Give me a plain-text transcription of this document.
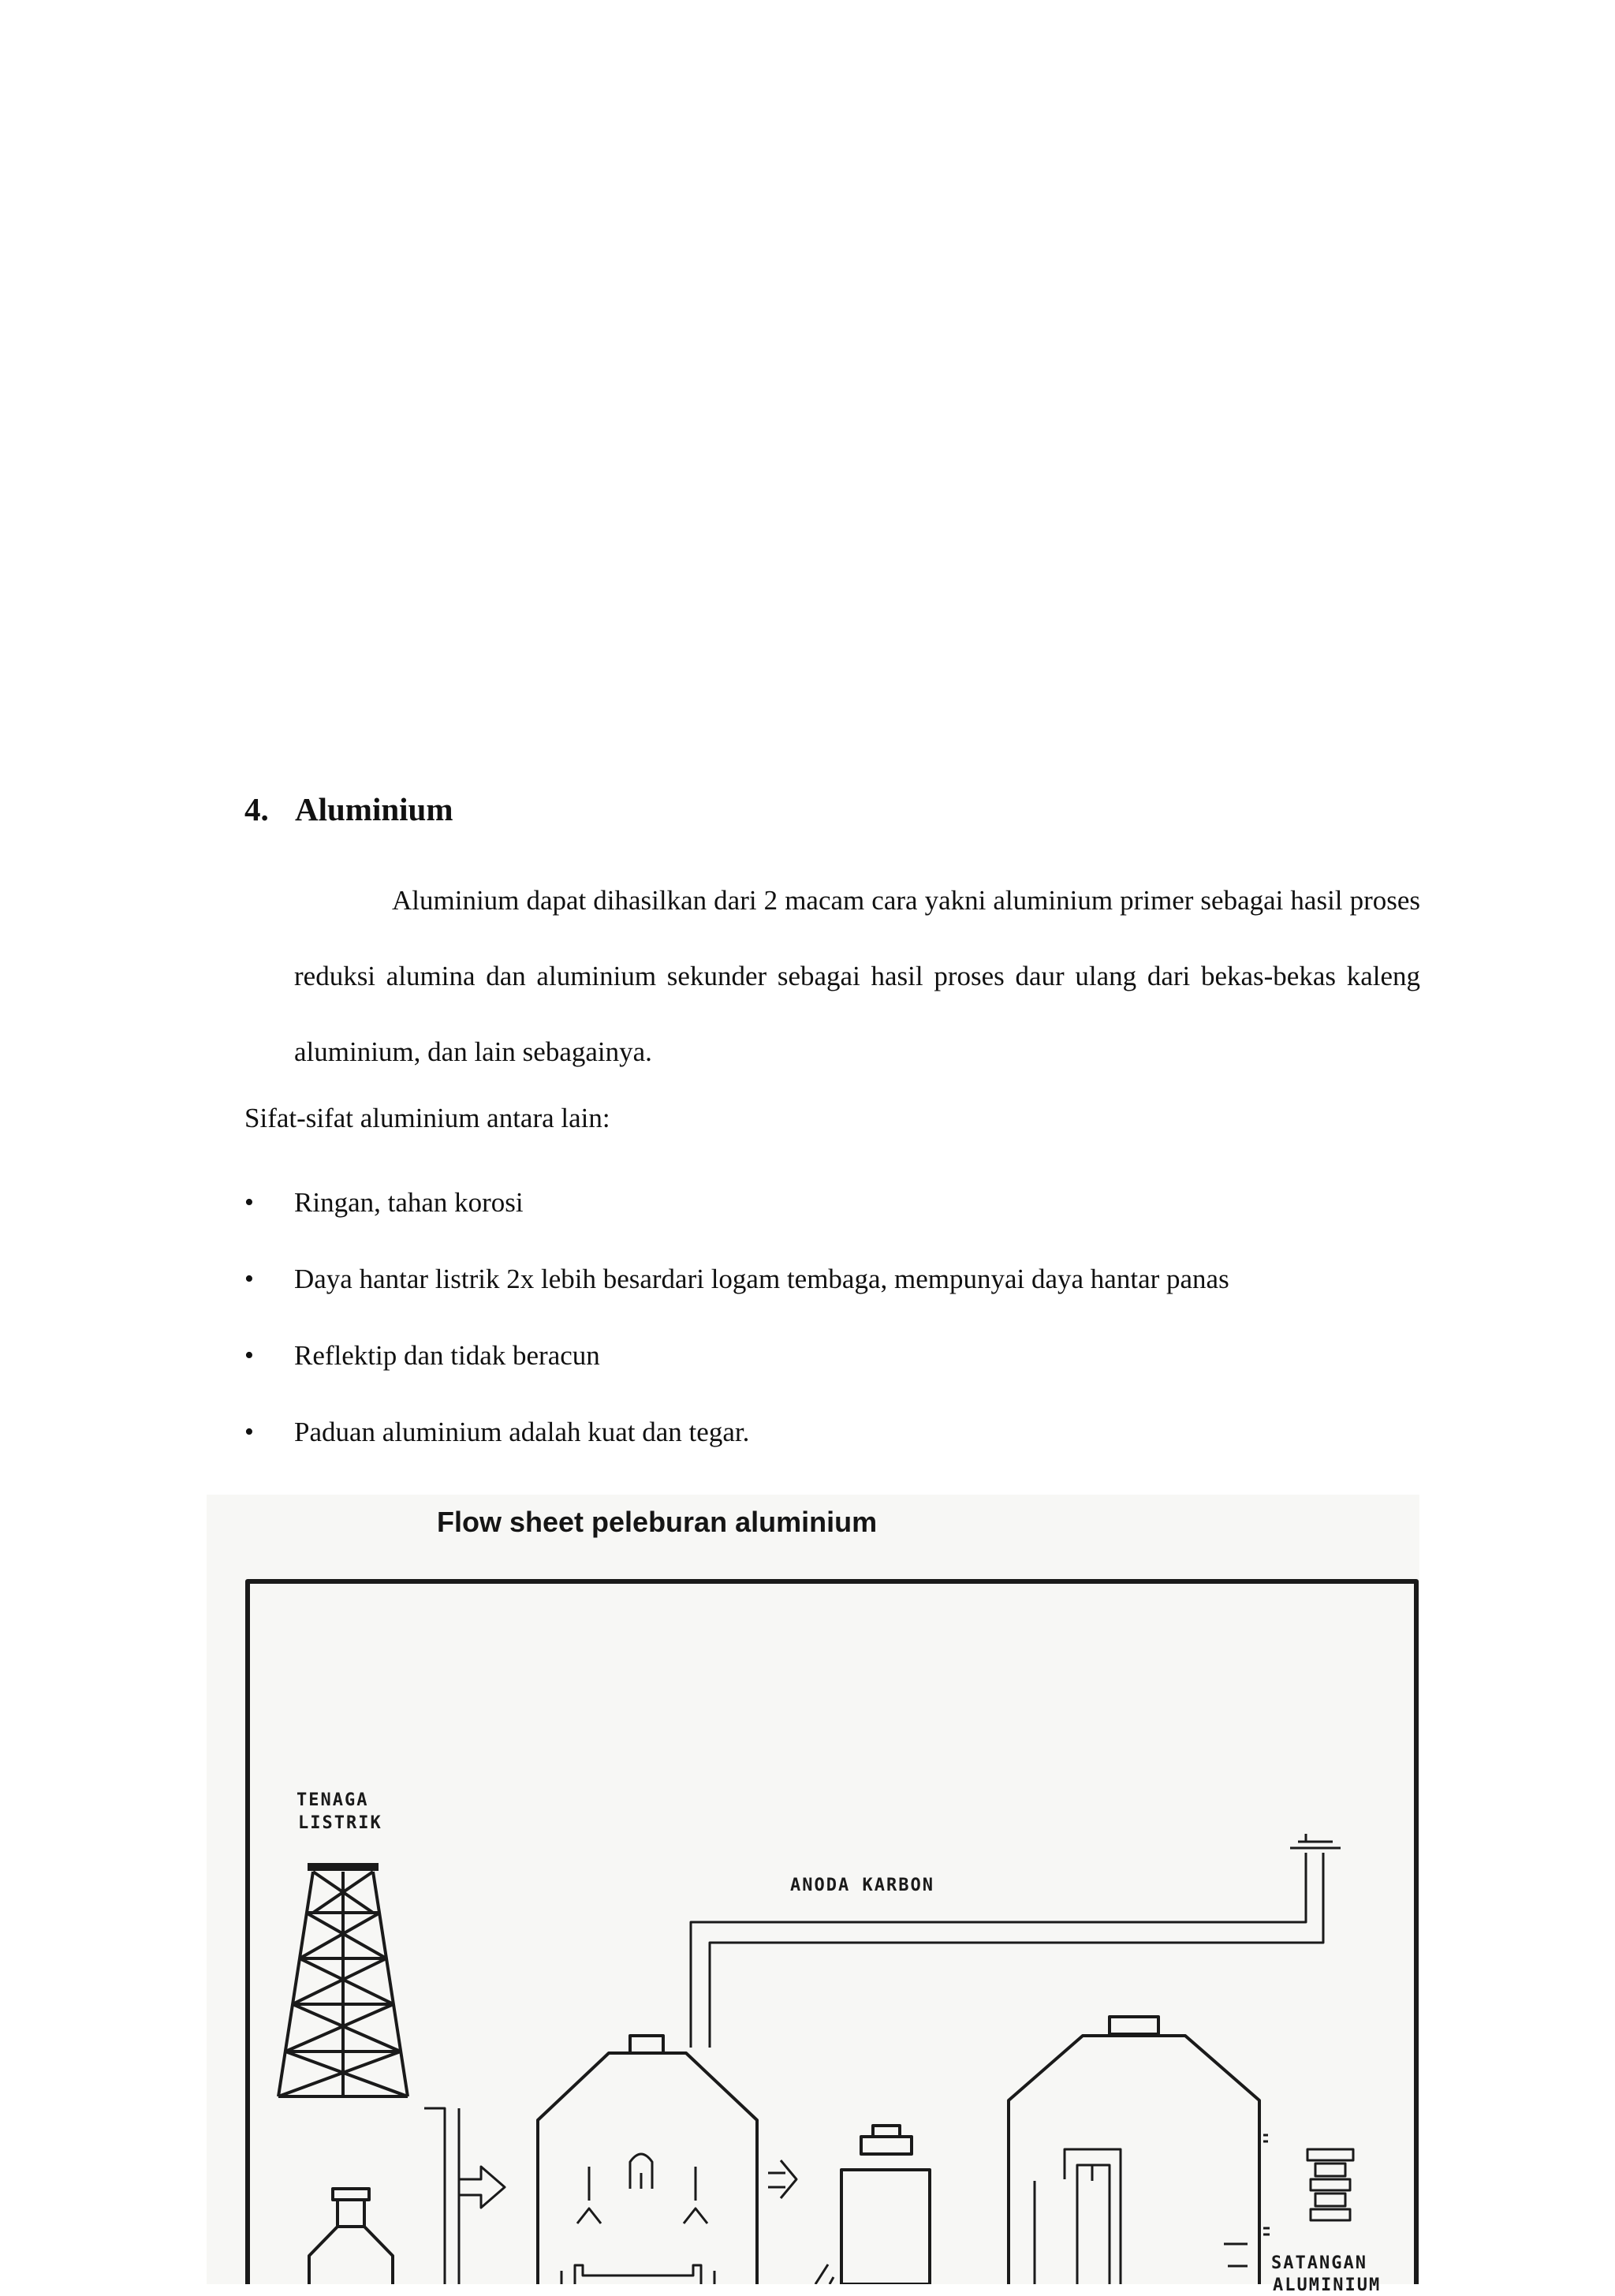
4. Aluminium

Aluminium dapat dihasilkan dari 2 macam cara yakni aluminium primer sebagai hasil proses reduksi alumina dan aluminium sekunder sebagai hasil proses daur ulang dari bekas-bekas kaleng aluminium, dan lain sebagainya.

Sifat-sifat aluminium antara lain:

•	Ringan, tahan korosi
•	Daya hantar listrik 2x lebih besardari logam tembaga, mempunyai daya hantar panas
•	Reflektip dan tidak beracun
•	Paduan aluminium adalah kuat dan tegar.

Flow sheet peleburan aluminium

TENAGA
LISTRIK
ANODA KARBON
SATANGAN
ALUMINIUM
